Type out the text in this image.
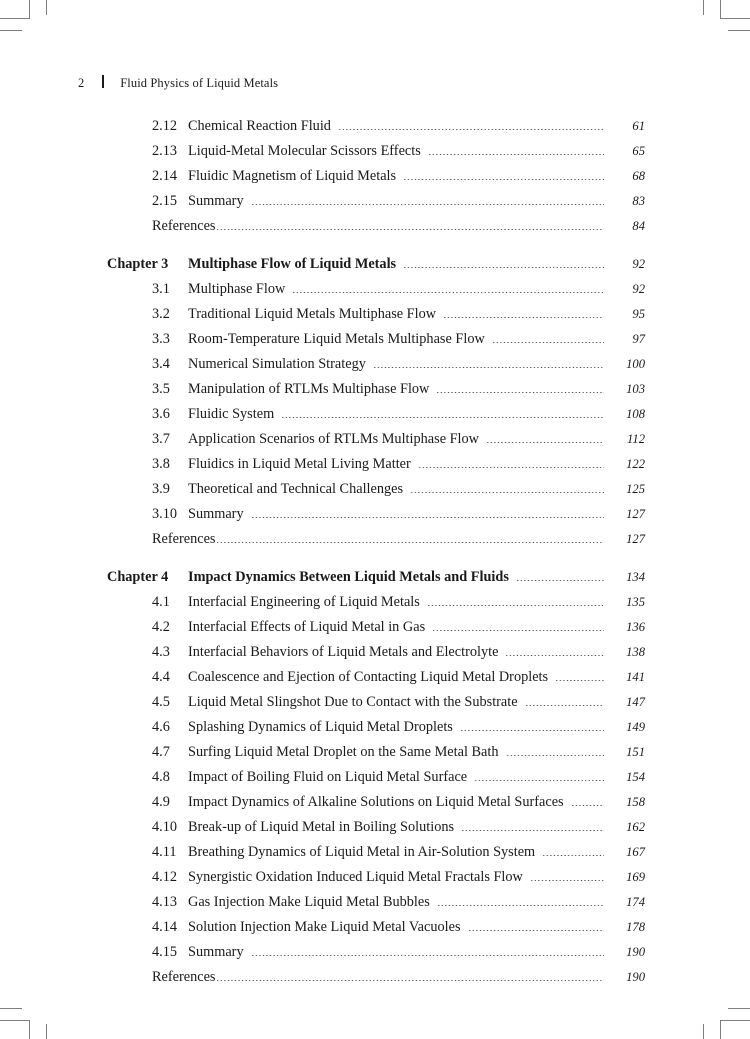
2	Fluid Physics of Liquid Metals
2.12 Chemical Reaction Fluid	61
2.13 Liquid-Metal Molecular Scissors Effects	65
2.14 Fluidic Magnetism of Liquid Metals	68
2.15 Summary	83
References	84
Chapter 3	Multiphase Flow of Liquid Metals	92
3.1	Multiphase Flow	92
3.2	Traditional Liquid Metals Multiphase Flow	95
3.3	Room-Temperature Liquid Metals Multiphase Flow	97
3.4	Numerical Simulation Strategy	100
3.5	Manipulation of RTLMs Multiphase Flow	103
3.6	Fluidic System	108
3.7	Application Scenarios of RTLMs Multiphase Flow	112
3.8	Fluidics in Liquid Metal Living Matter	122
3.9	Theoretical and Technical Challenges	125
3.10 Summary	127
References	127
Chapter 4	Impact Dynamics Between Liquid Metals and Fluids	134
4.1	Interfacial Engineering of Liquid Metals	135
4.2	Interfacial Effects of Liquid Metal in Gas	136
4.3	Interfacial Behaviors of Liquid Metals and Electrolyte	138
4.4	Coalescence and Ejection of Contacting Liquid Metal Droplets	141
4.5	Liquid Metal Slingshot Due to Contact with the Substrate	147
4.6	Splashing Dynamics of Liquid Metal Droplets	149
4.7	Surfing Liquid Metal Droplet on the Same Metal Bath	151
4.8	Impact of Boiling Fluid on Liquid Metal Surface	154
4.9	Impact Dynamics of Alkaline Solutions on Liquid Metal Surfaces	158
4.10 Break-up of Liquid Metal in Boiling Solutions	162
4.11 Breathing Dynamics of Liquid Metal in Air-Solution System	167
4.12 Synergistic Oxidation Induced Liquid Metal Fractals Flow	169
4.13 Gas Injection Make Liquid Metal Bubbles	174
4.14 Solution Injection Make Liquid Metal Vacuoles	178
4.15 Summary	190
References	190
